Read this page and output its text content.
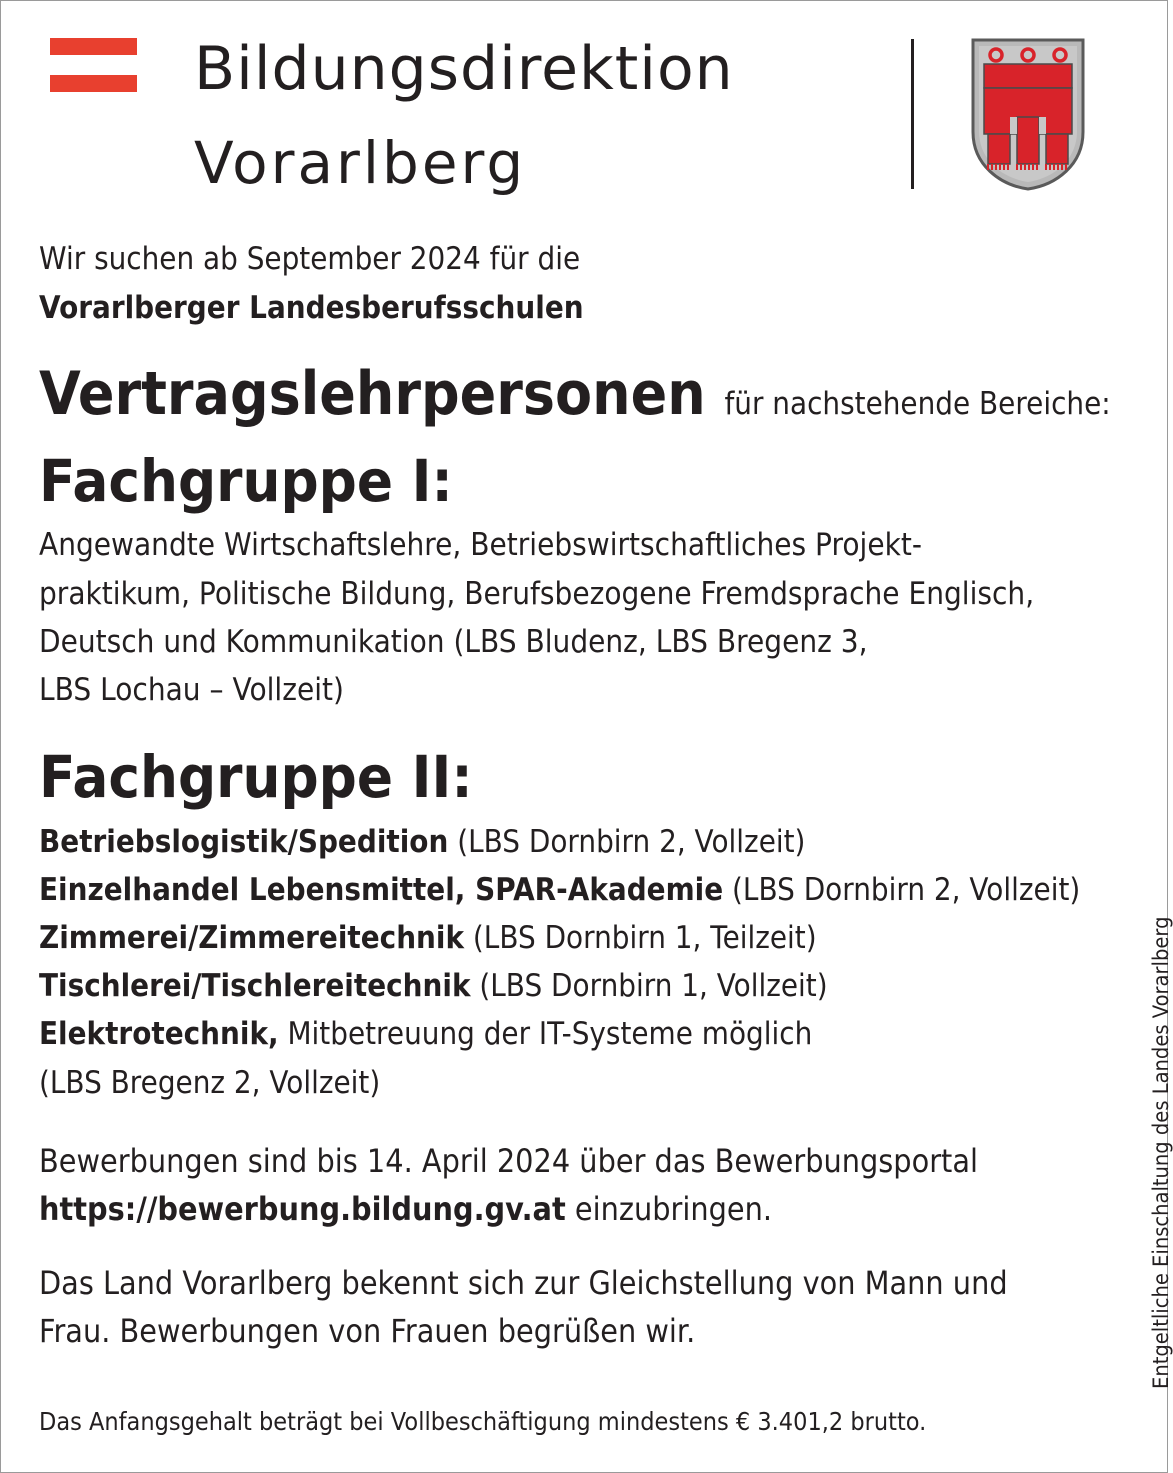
Bildungsdirektion
Vorarlberg
Wir suchen ab September 2024 für die
Vorarlberger Landesberufsschulen
Vertragslehrpersonen für nachstehende Bereiche:
Fachgruppe I:
Angewandte Wirtschaftslehre, Betriebswirtschaftliches Projekt-
praktikum, Politische Bildung, Berufsbezogene Fremdsprache Englisch,
Deutsch und Kommunikation (LBS Bludenz, LBS Bregenz 3,
LBS Lochau – Vollzeit)
Fachgruppe II:
Betriebslogistik/Spedition (LBS Dornbirn 2, Vollzeit)
Einzelhandel Lebensmittel, SPAR-Akademie (LBS Dornbirn 2, Vollzeit)
Zimmerei/Zimmereitechnik (LBS Dornbirn 1, Teilzeit)
Tischlerei/Tischlereitechnik (LBS Dornbirn 1, Vollzeit)
Elektrotechnik, Mitbetreuung der IT-Systeme möglich
(LBS Bregenz 2, Vollzeit)
Bewerbungen sind bis 14. April 2024 über das Bewerbungsportal
https://bewerbung.bildung.gv.at einzubringen.
Das Land Vorarlberg bekennt sich zur Gleichstellung von Mann und
Frau. Bewerbungen von Frauen begrüßen wir.
Das Anfangsgehalt beträgt bei Vollbeschäftigung mindestens € 3.401,2 brutto.
Entgeltliche Einschaltung des Landes Vorarlberg
